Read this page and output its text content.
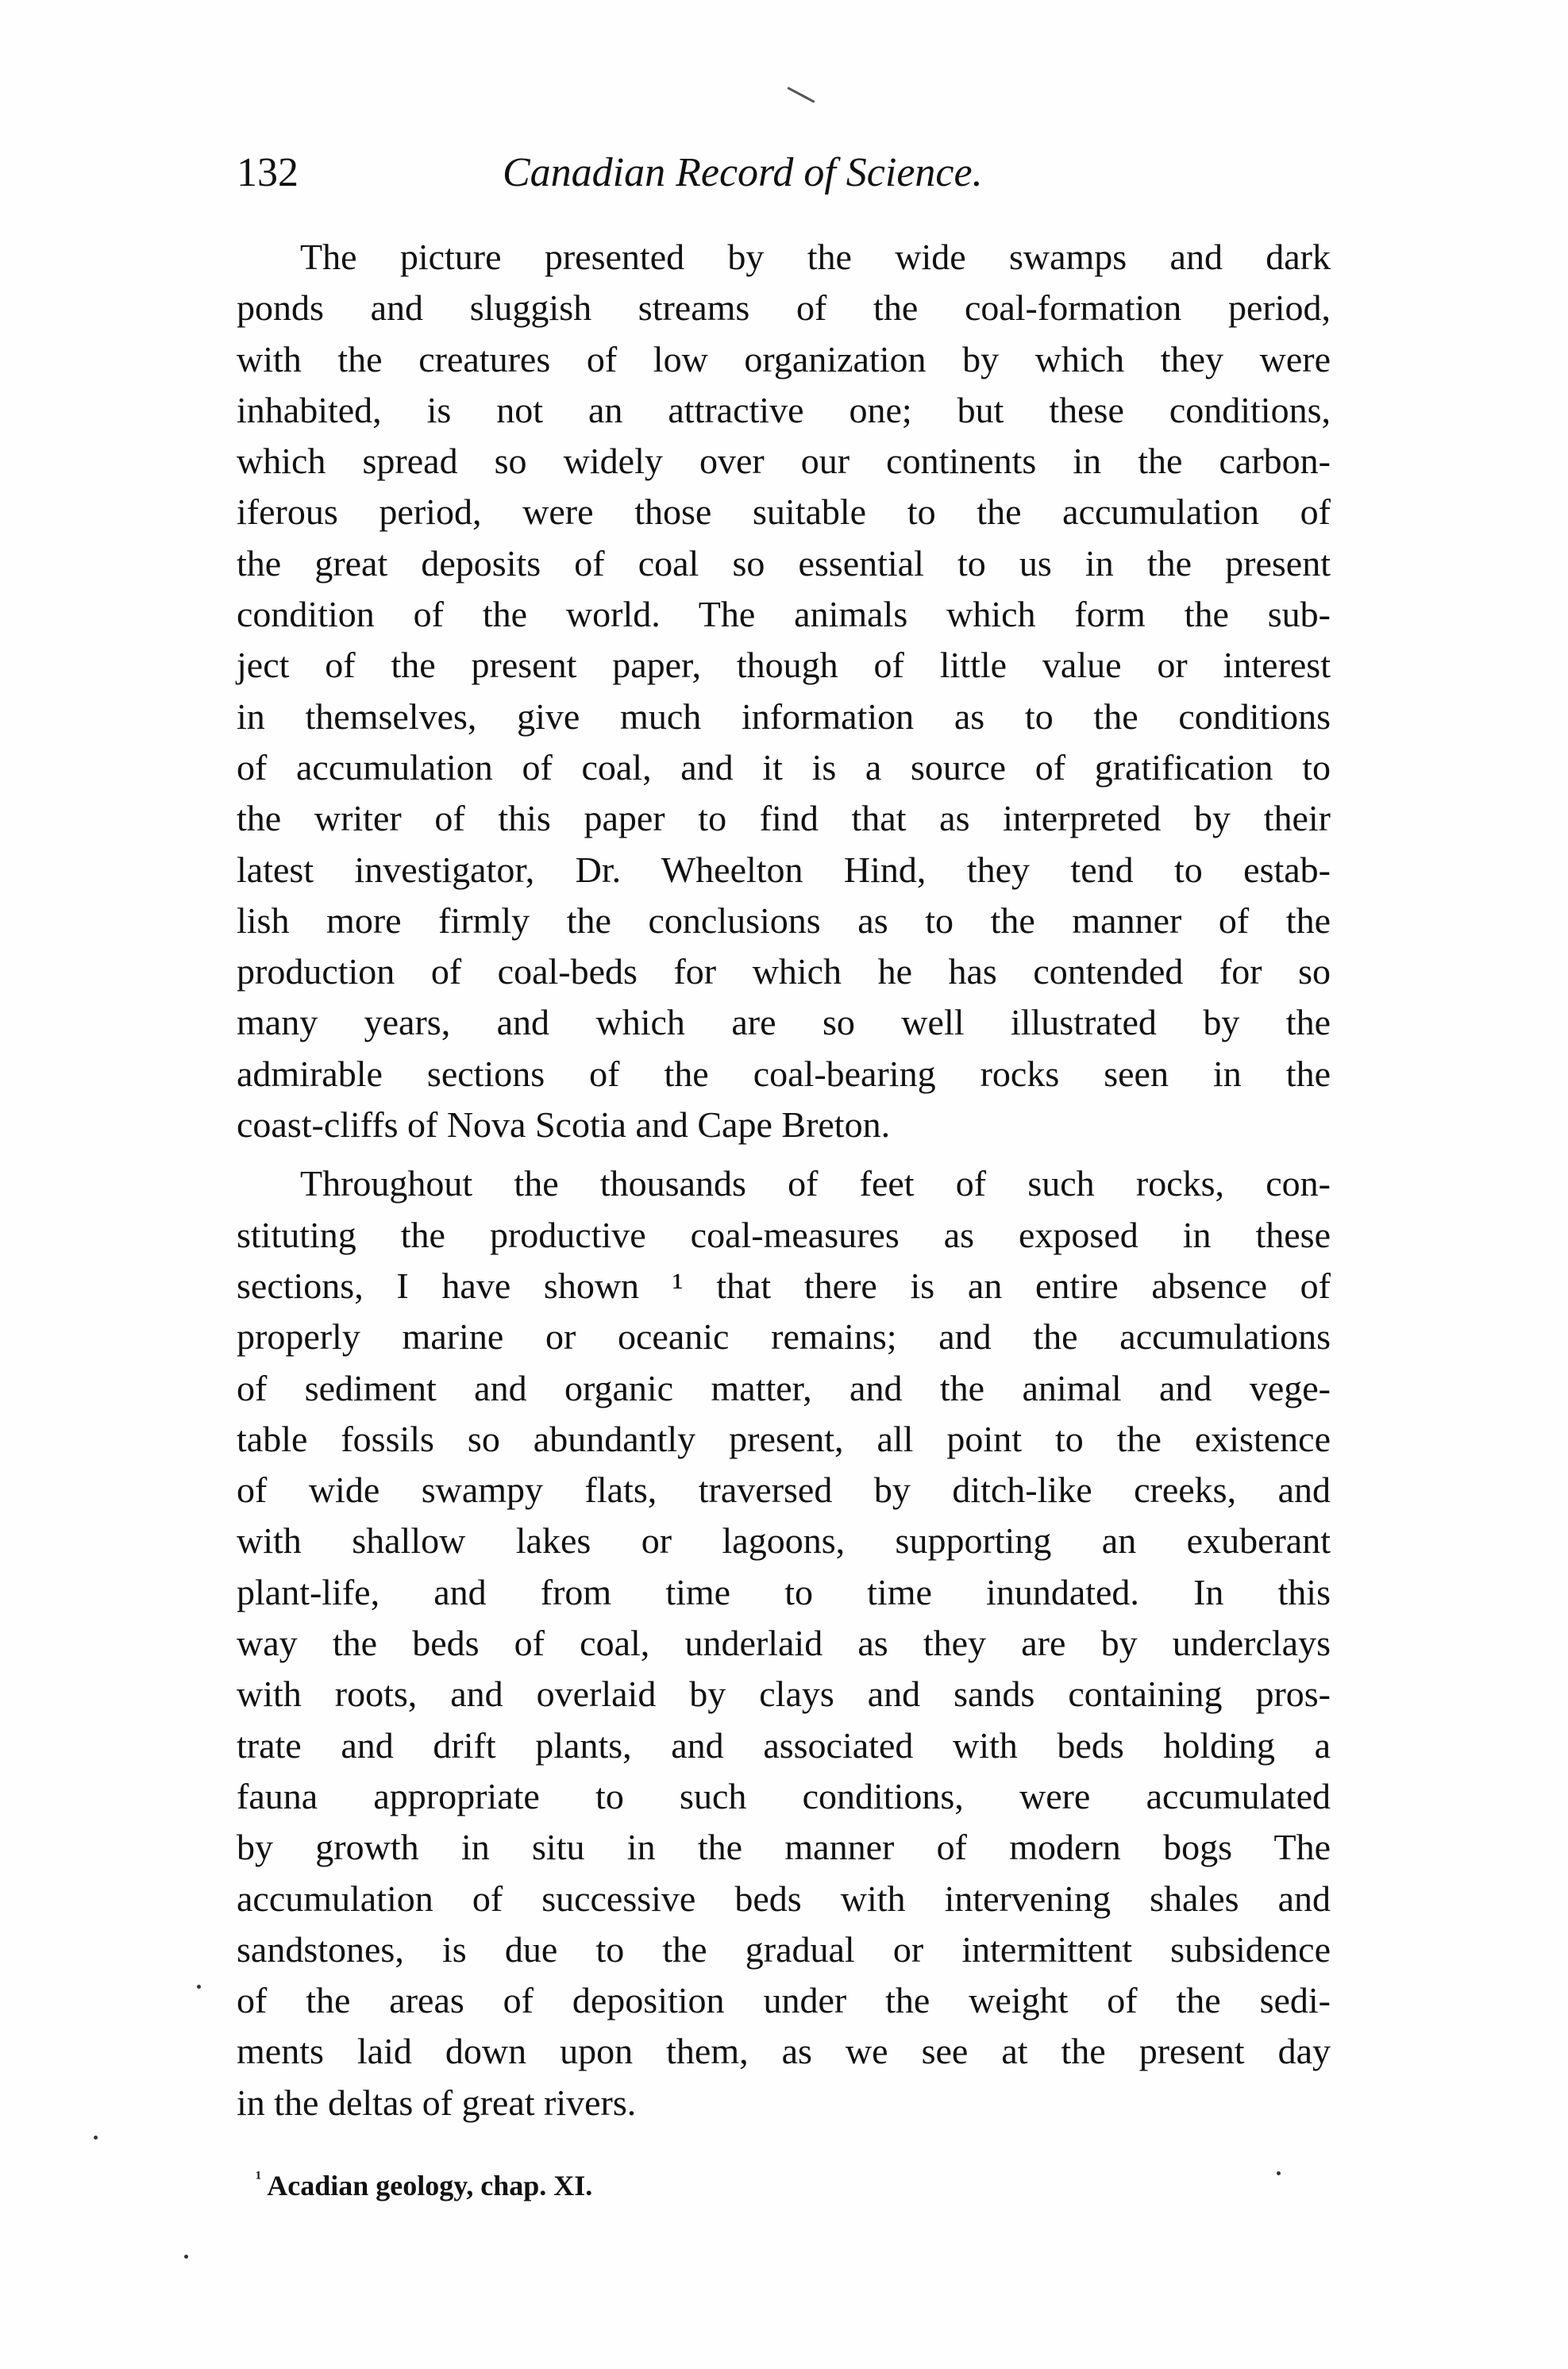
132	Canadian Record of Science.
The picture presented by the wide swamps and dark
ponds and sluggish streams of the coal-formation period,
with the creatures of low organization by which they were
inhabited, is not an attractive one; but these conditions,
which spread so widely over our continents in the carbon-
iferous period, were those suitable to the accumulation of
the great deposits of coal so essential to us in the present
condition of the world. The animals which form the sub-
ject of the present paper, though of little value or interest
in themselves, give much information as to the conditions
of accumulation of coal, and it is a source of gratification to
the writer of this paper to find that as interpreted by their
latest investigator, Dr. Wheelton Hind, they tend to estab-
lish more firmly the conclusions as to the manner of the
production of coal-beds for which he has contended for so
many years, and which are so well illustrated by the
admirable sections of the coal-bearing rocks seen in the
coast-cliffs of Nova Scotia and Cape Breton.
Throughout the thousands of feet of such rocks, con-
stituting the productive coal-measures as exposed in these
sections, I have shown ¹ that there is an entire absence of
properly marine or oceanic remains; and the accumulations
of sediment and organic matter, and the animal and vege-
table fossils so abundantly present, all point to the existence
of wide swampy flats, traversed by ditch-like creeks, and
with shallow lakes or lagoons, supporting an exuberant
plant-life, and from time to time inundated. In this
way the beds of coal, underlaid as they are by underclays
with roots, and overlaid by clays and sands containing pros-
trate and drift plants, and associated with beds holding a
fauna appropriate to such conditions, were accumulated
by growth in situ in the manner of modern bogs The
accumulation of successive beds with intervening shales and
sandstones, is due to the gradual or intermittent subsidence
of the areas of deposition under the weight of the sedi-
ments laid down upon them, as we see at the present day
in the deltas of great rivers.
$^{^1}$ Acadian geology, chap. XI.
